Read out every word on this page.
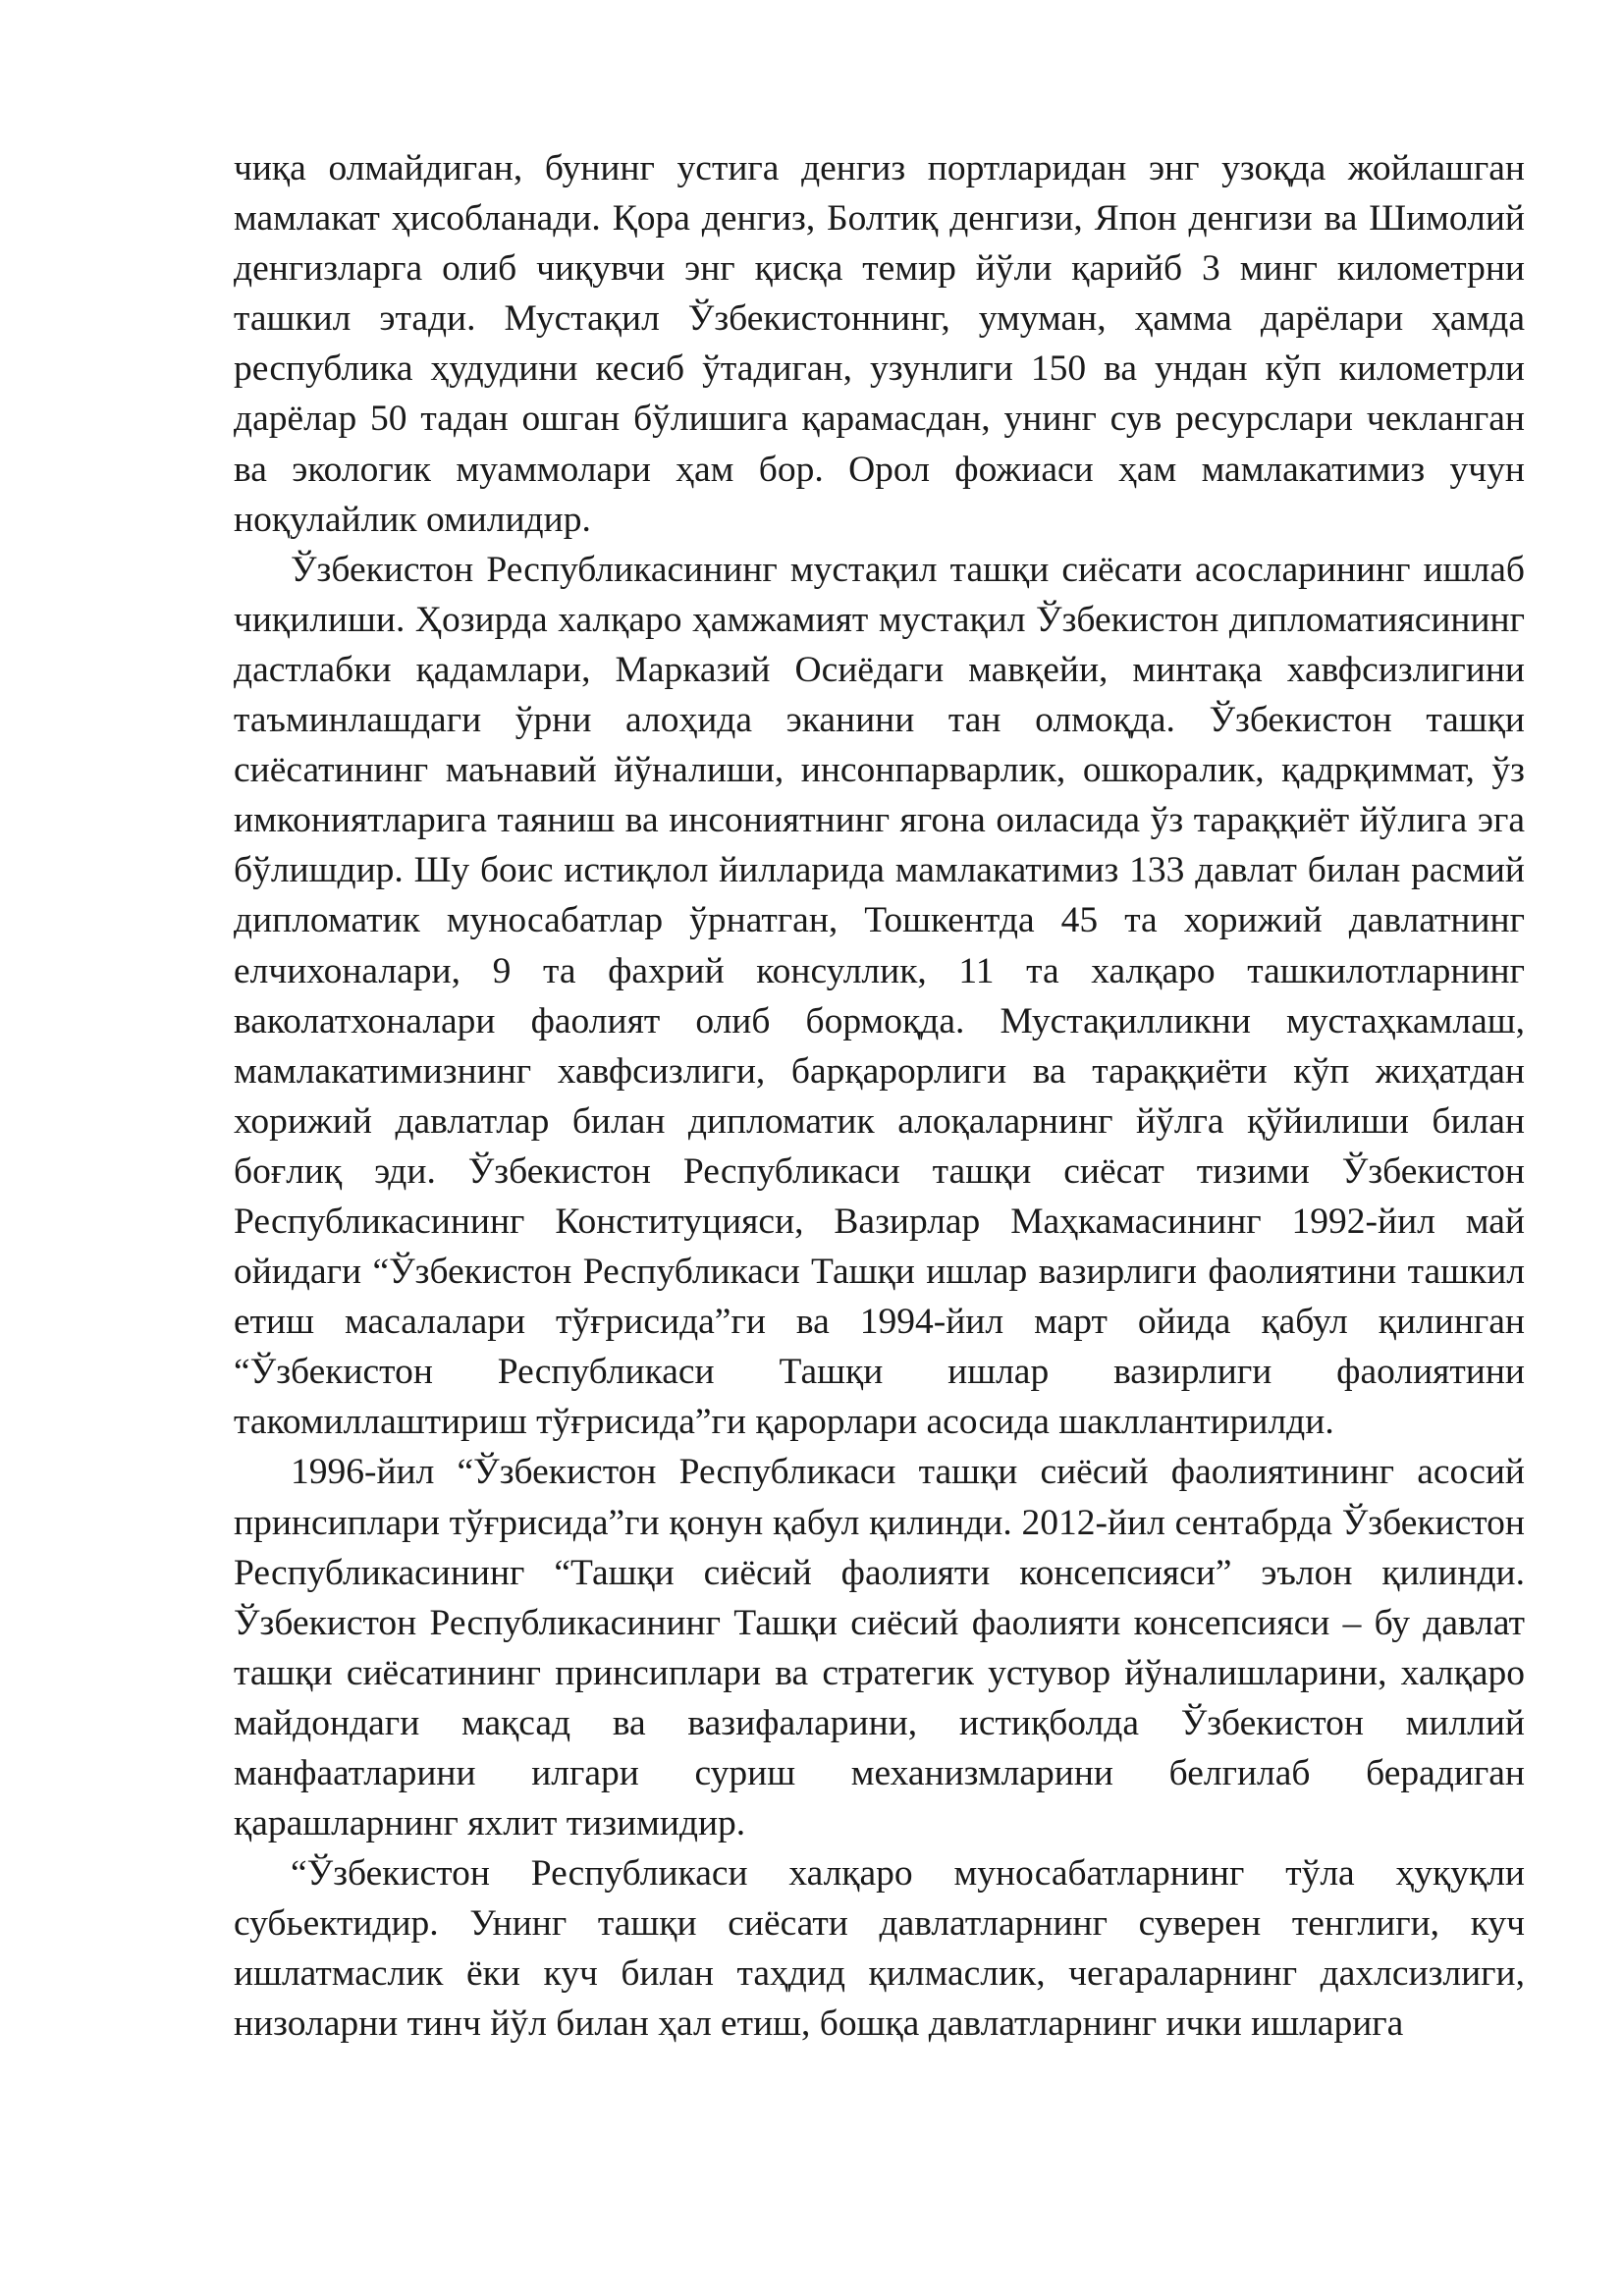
чиқа олмайдиган, бунинг устига денгиз портларидан энг узоқда жойлашган мамлакат ҳисобланади. Қора денгиз, Болтиқ денгизи, Япон денгизи ва Шимолий денгизларга олиб чиқувчи энг қисқа темир йўли қарийб 3 минг километрни ташкил этади. Мустақил Ўзбекистоннинг, умуман, ҳамма дарёлари ҳамда республика ҳудудини кесиб ўтадиган, узунлиги 150 ва ундан кўп километрли дарёлар 50 тадан ошган бўлишига қарамасдан, унинг сув ресурслари чекланган ва экологик муаммолари ҳам бор. Орол фожиаси ҳам мамлакатимиз учун ноқулайлик омилидир.

Ўзбекистон Республикасининг мустақил ташқи сиёсати асосларининг ишлаб чиқилиши. Ҳозирда халқаро ҳамжамият мустақил Ўзбекистон дипломатиясининг дастлабки қадамлари, Марказий Осиёдаги мавқейи, минтақа хавфсизлигини таъминлашдаги ўрни алоҳида эканини тан олмоқда. Ўзбекистон ташқи сиёсатининг маънавий йўналиши, инсонпарварлик, ошкоралик, қадрқиммат, ўз имкониятларига таяниш ва инсониятнинг ягона оиласида ўз тараққиёт йўлига эга бўлишдир. Шу боис истиқлол йилларида мамлакатимиз 133 давлат билан расмий дипломатик муносабатлар ўрнатган, Тошкентда 45 та хорижий давлатнинг елчихоналари, 9 та фахрий консуллик, 11 та халқаро ташкилотларнинг ваколатхоналари фаолият олиб бормоқда. Мустақилликни мустаҳкамлаш, мамлакатимизнинг хавфсизлиги, барқарорлиги ва тараққиёти кўп жиҳатдан хорижий давлатлар билан дипломатик алоқаларнинг йўлга қўйилиши билан боғлиқ эди. Ўзбекистон Республикаси ташқи сиёсат тизими Ўзбекистон Республикасининг Конституцияси, Вазирлар Маҳкамасининг 1992-йил май ойидаги “Ўзбекистон Республикаси Ташқи ишлар вазирлиги фаолиятини ташкил етиш масалалари тўғрисида”ги ва 1994-йил март ойида қабул қилинган “Ўзбекистон Республикаси Ташқи ишлар вазирлиги фаолиятини такомиллаштириш тўғрисида”ги қарорлари асосида шакллантирилди.

1996-йил “Ўзбекистон Республикаси ташқи сиёсий фаолиятининг асосий принсиплари тўғрисида”ги қонун қабул қилинди. 2012-йил сентабрда Ўзбекистон Республикасининг “Ташқи сиёсий фаолияти консепсияси” эълон қилинди. Ўзбекистон Республикасининг Ташқи сиёсий фаолияти консепсияси – бу давлат ташқи сиёсатининг принсиплари ва стратегик устувор йўналишларини, халқаро майдондаги мақсад ва вазифаларини, истиқболда Ўзбекистон миллий манфаатларини илгари суриш механизмларини белгилаб берадиган қарашларнинг яхлит тизимидир.

“Ўзбекистон Республикаси халқаро муносабатларнинг тўла ҳуқуқли субьектидир. Унинг ташқи сиёсати давлатларнинг суверен тенглиги, куч ишлатмаслик ёки куч билан таҳдид қилмаслик, чегараларнинг дахлсизлиги, низоларни тинч йўл билан ҳал етиш, бошқа давлатларнинг ички ишларига
